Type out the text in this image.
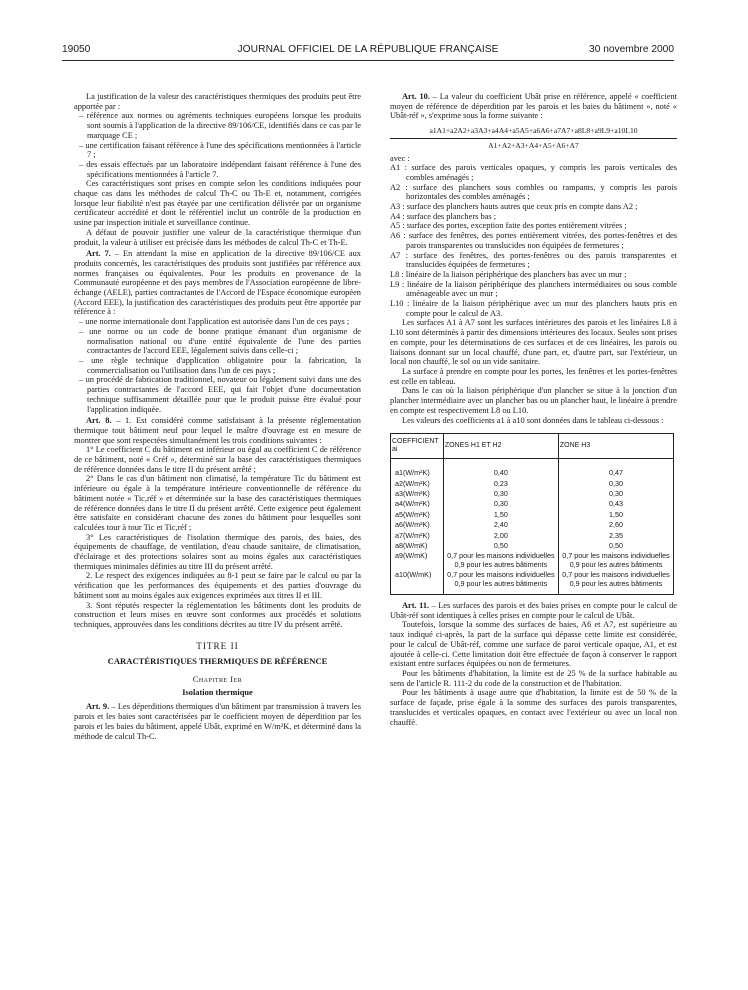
19050	JOURNAL OFFICIEL DE LA RÉPUBLIQUE FRANÇAISE	30 novembre 2000

La justification de la valeur des caractéristiques thermiques des produits peut être apportée par :

– référence aux normes ou agréments techniques européens lorsque les produits sont soumis à l'application de la directive 89/106/CE, identifiés dans ce cas par le marquage CE ;
– une certification faisant référence à l'une des spécifications mentionnées à l'article 7 ;
– des essais effectués par un laboratoire indépendant faisant référence à l'une des spécifications mentionnées à l'article 7.

Ces caractéristiques sont prises en compte selon les conditions indiquées pour chaque cas dans les méthodes de calcul Th-C ou Th-E et, notamment, corrigées lorsque leur fiabilité n'est pas étayée par une certification délivrée par un organisme certificateur accrédité et dont le référentiel inclut un contrôle de la production en usine par inspection initiale et surveillance continue.

A défaut de pouvoir justifier une valeur de la caractéristique thermique d'un produit, la valeur à utiliser est précisée dans les méthodes de calcul Th-C et Th-E.

Art. 7. – En attendant la mise en application de la directive 89/106/CE aux produits concernés, les caractéristiques des produits sont justifiées par référence aux normes françaises ou équivalentes. Pour les produits en provenance de la Communauté européenne et des pays membres de l'Association européenne de libre-échange (AELE), parties contractantes de l'Accord de l'Espace économique européen (Accord EEE), la justification des caractéristiques des produits peut être apportée par référence à :

– une norme internationale dont l'application est autorisée dans l'un de ces pays ;
– une norme ou un code de bonne pratique émanant d'un organisme de normalisation national ou d'une entité équivalente de l'une des parties contractantes de l'accord EEE, légalement suivis dans celle-ci ;
– une règle technique d'application obligatoire pour la fabrication, la commercialisation ou l'utilisation dans l'un de ces pays ;
– un procédé de fabrication traditionnel, novateur ou légalement suivi dans une des parties contractantes de l'accord EEE, qui fait l'objet d'une documentation technique suffisamment détaillée pour que le produit puisse être évalué pour l'application indiquée.

Art. 8. – 1. Est considéré comme satisfaisant à la présente réglementation thermique tout bâtiment neuf pour lequel le maître d'ouvrage est en mesure de montrer que sont respectées simultanément les trois conditions suivantes :

1° Le coefficient C du bâtiment est inférieur ou égal au coefficient C de référence de ce bâtiment, noté « Créf », déterminé sur la base des caractéristiques thermiques de référence données dans le titre II du présent arrêté ;

2° Dans le cas d'un bâtiment non climatisé, la température Tic du bâtiment est inférieure ou égale à la température intérieure conventionnelle de référence du bâtiment notée « Tic,réf » et déterminée sur la base des caractéristiques thermiques de référence données dans le titre II du présent arrêté. Cette exigence peut également être satisfaite en considérant chacune des zones du bâtiment pour lesquelles sont calculées tour à tour Tic et Tic,réf ;

3° Les caractéristiques de l'isolation thermique des parois, des baies, des équipements de chauffage, de ventilation, d'eau chaude sanitaire, de climatisation, d'éclairage et des protections solaires sont au moins égales aux caractéristiques thermiques minimales définies au titre III du présent arrêté.

2. Le respect des exigences indiquées au 8-1 peut se faire par le calcul ou par la vérification que les performances des équipements et des parties d'ouvrage du bâtiment sont au moins égales aux exigences exprimées aux titres II et III.

3. Sont réputés respecter la réglementation les bâtiments dont les produits de construction et leurs mises en œuvre sont conformes aux procédés et solutions techniques, approuvées dans les conditions décrites au titre IV du présent arrêté.

TITRE II
CARACTÉRISTIQUES THERMIQUES DE RÉFÉRENCE
Chapitre Ier
Isolation thermique

Art. 9. – Les déperditions thermiques d'un bâtiment par transmission à travers les parois et les baies sont caractérisées par le coefficient moyen de déperdition par les parois et les baies du bâtiment, appelé Ubât, exprimé en W/m²K, et déterminé dans la méthode de calcul Th-C.

Art. 10. – La valeur du coefficient Ubât prise en référence, appelé « coefficient moyen de référence de déperdition par les parois et les baies du bâtiment », noté « Ubât-réf », s'exprime sous la forme suivante :

a1A1+a2A2+a3A3+a4A4+a5A5+a6A6+a7A7+a8L8+a9L9+a10L10
A1+A2+A3+A4+A5+A6+A7

avec :

A1 : surface des parois verticales opaques, y compris les parois verticales des combles aménagés ;
A2 : surface des planchers sous combles ou rampants, y compris les parois horizontales des combles aménagés ;
A3 : surface des planchers hauts autres que ceux pris en compte dans A2 ;
A4 : surface des planchers bas ;
A5 : surface des portes, exception faite des portes entièrement vitrées ;
A6 : surface des fenêtres, des portes entièrement vitrées, des portes-fenêtres et des parois transparentes ou translucides non équipées de fermetures ;
A7 : surface des fenêtres, des portes-fenêtres ou des parois transparentes et translucides équipées de fermetures ;
L8 : linéaire de la liaison périphérique des planchers bas avec un mur ;
L9 : linéaire de la liaison périphérique des planchers intermédiaires ou sous comble aménageable avec un mur ;
L10 : linéaire de la liaison périphérique avec un mur des planchers hauts pris en compte pour le calcul de A3.

Les surfaces A1 à A7 sont les surfaces intérieures des parois et les linéaires L8 à L10 sont déterminés à partir des dimensions intérieures des locaux. Seules sont prises en compte, pour les déterminations de ces surfaces et de ces linéaires, les parois ou liaisons donnant sur un local chauffé, d'une part, et, d'autre part, sur l'extérieur, un local non chauffé, le sol ou un vide sanitaire.

La surface à prendre en compte pour les portes, les fenêtres et les portes-fenêtres est celle en tableau.

Dans le cas où la liaison périphérique d'un plancher se situe à la jonction d'un plancher intermédiaire avec un plancher bas ou un plancher haut, le linéaire à prendre en compte est respectivement L8 ou L10.

Les valeurs des coefficients a1 à a10 sont données dans le tableau ci-dessous :

COEFFICIENT ai	ZONES H1 ET H2	ZONE H3
a1(W/m²K)	0,40	0,47
a2(W/m²K)	0,23	0,30
a3(W/m²K)	0,30	0,30
a4(W/m²K)	0,30	0,43
a5(W/m²K)	1,50	1,50
a6(W/m²K)	2,40	2,60
a7(W/m²K)	2,00	2,35
a8(W/mK)	0,50	0,50
a9(W/mK)	0,7 pour les maisons individuelles 0,9 pour les autres bâtiments	0,7 pour les maisons individuelles 0,9 pour les autres bâtiments
a10(W/mK)	0,7 pour les maisons individuelles 0,9 pour les autres bâtiments	0,7 pour les maisons individuelles 0,9 pour les autres bâtiments

Art. 11. – Les surfaces des parois et des baies prises en compte pour le calcul de Ubât-réf sont identiques à celles prises en compte pour le calcul de Ubât.

Toutefois, lorsque la somme des surfaces de baies, A6 et A7, est supérieure au taux indiqué ci-après, la part de la surface qui dépasse cette limite est considérée, pour le calcul de Ubât-réf, comme une surface de paroi verticale opaque, A1, et est ajoutée à celle-ci. Cette limitation doit être effectuée de façon à conserver le rapport existant entre surfaces équipées ou non de fermetures.

Pour les bâtiments d'habitation, la limite est de 25 % de la surface habitable au sens de l'article R. 111-2 du code de la construction et de l'habitation.

Pour les bâtiments à usage autre que d'habitation, la limite est de 50 % de la surface de façade, prise égale à la somme des surfaces des parois transparentes, translucides et verticales opaques, en contact avec l'extérieur ou avec un local non chauffé.
